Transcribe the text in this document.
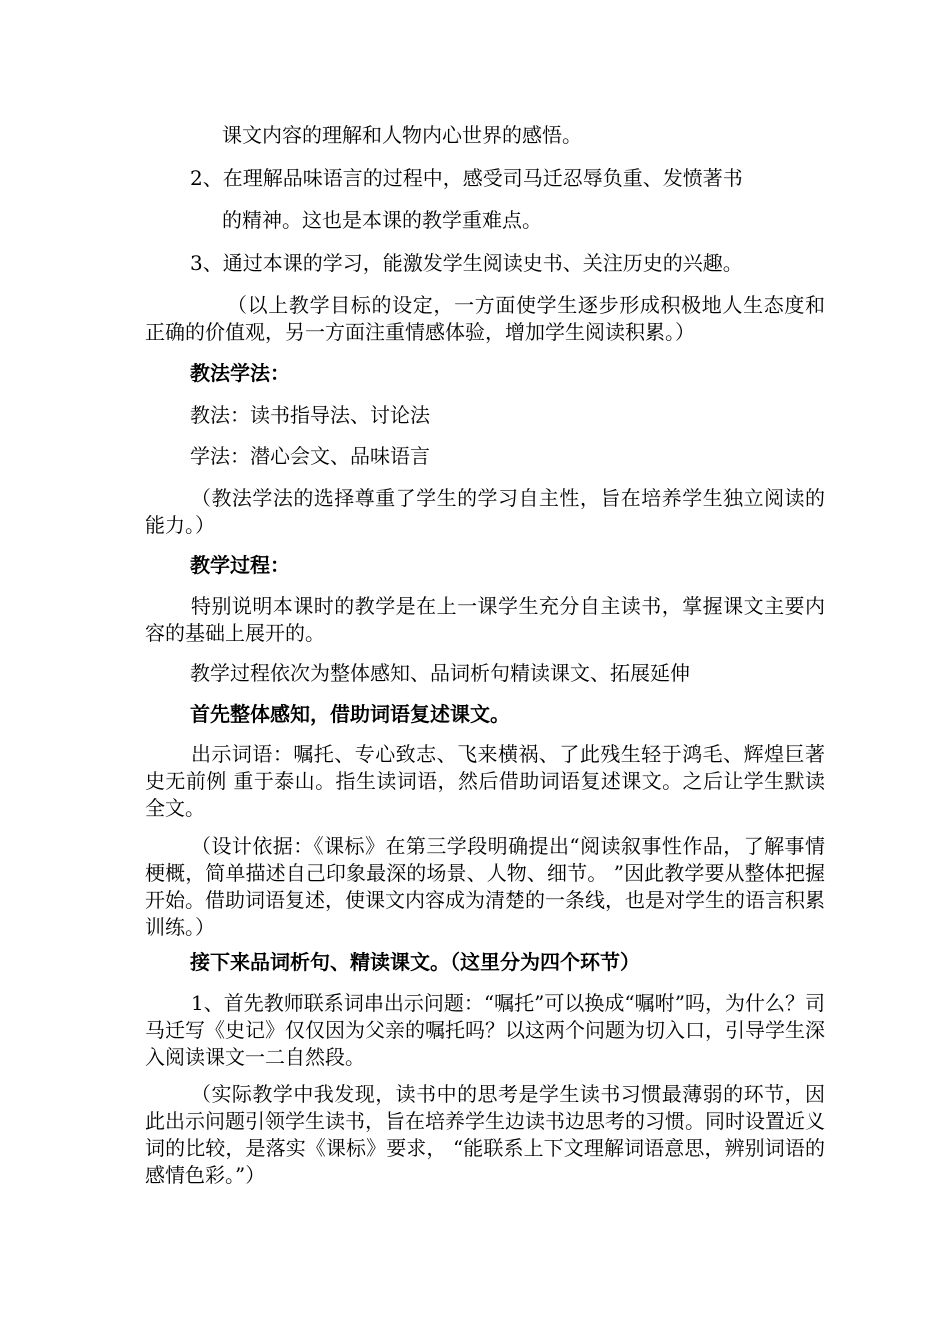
课文内容的理解和人物内心世界的感悟。
2、在理解品味语言的过程中，感受司马迁忍辱负重、发愤著书
的精神。这也是本课的教学重难点。
3、通过本课的学习，能激发学生阅读史书、关注历史的兴趣。
（以上教学目标的设定，一方面使学生逐步形成积极地人生态度和正确的价值观，另一方面注重情感体验，增加学生阅读积累。）
教法学法：
教法：读书指导法、讨论法
学法：潜心会文、品味语言
（教法学法的选择尊重了学生的学习自主性，旨在培养学生独立阅读的能力。）
教学过程：
特别说明本课时的教学是在上一课学生充分自主读书，掌握课文主要内容的基础上展开的。
教学过程依次为整体感知、品词析句精读课文、拓展延伸
首先整体感知，借助词语复述课文。
出示词语：嘱托、专心致志、飞来横祸、了此残生轻于鸿毛、辉煌巨著史无前例 重于泰山。指生读词语，然后借助词语复述课文。之后让学生默读全文。
（设计依据：《课标》在第三学段明确提出“阅读叙事性作品，了解事情梗概，简单描述自己印象最深的场景、人物、细节。 ”因此教学要从整体把握开始。借助词语复述，使课文内容成为清楚的一条线，也是对学生的语言积累训练。）
接下来品词析句、精读课文。（这里分为四个环节）
1、首先教师联系词串出示问题：“嘱托”可以换成“嘱咐”吗，为什么？司马迁写《史记》仅仅因为父亲的嘱托吗？以这两个问题为切入口，引导学生深入阅读课文一二自然段。
（实际教学中我发现，读书中的思考是学生读书习惯最薄弱的环节，因此出示问题引领学生读书，旨在培养学生边读书边思考的习惯。同时设置近义词的比较，是落实《课标》要求， “能联系上下文理解词语意思，辨别词语的感情色彩。”）
